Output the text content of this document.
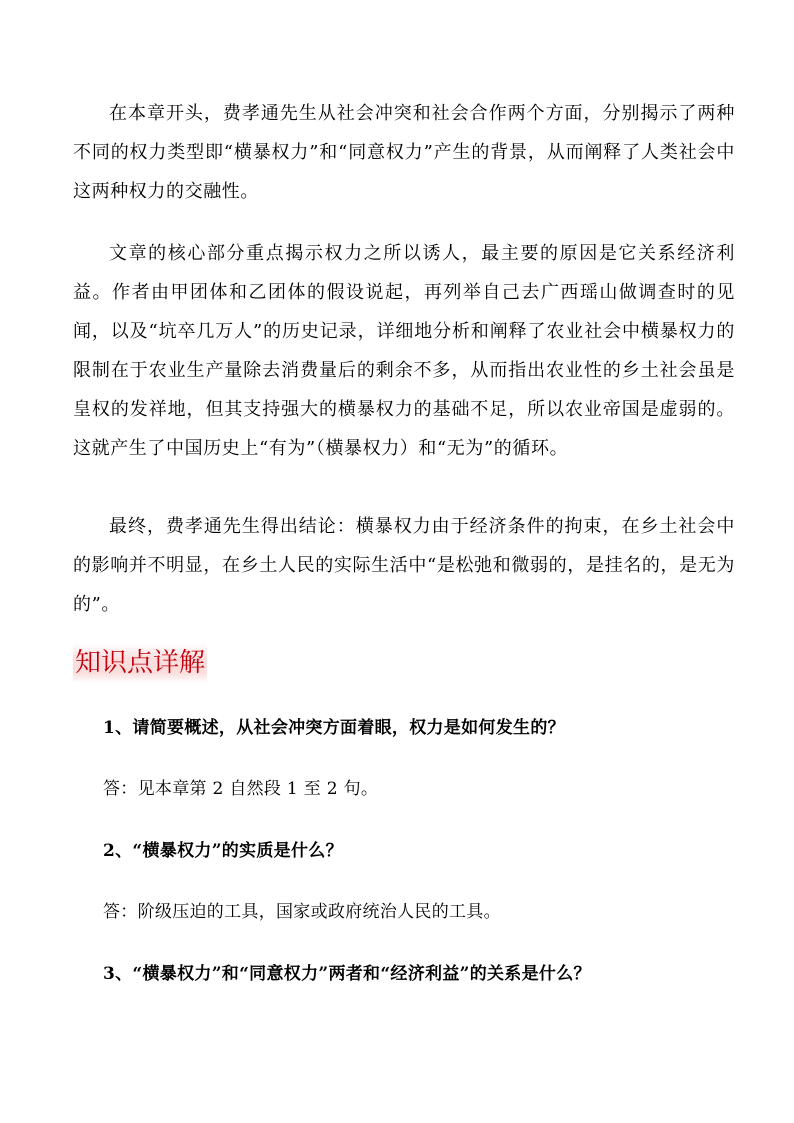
在本章开头，费孝通先生从社会冲突和社会合作两个方面，分别揭示了两种不同的权力类型即“横暴权力”和“同意权力”产生的背景，从而阐释了人类社会中这两种权力的交融性。

文章的核心部分重点揭示权力之所以诱人，最主要的原因是它关系经济利益。作者由甲团体和乙团体的假设说起，再列举自己去广西瑶山做调查时的见闻，以及“坑卒几万人”的历史记录，详细地分析和阐释了农业社会中横暴权力的限制在于农业生产量除去消费量后的剩余不多，从而指出农业性的乡土社会虽是皇权的发祥地，但其支持强大的横暴权力的基础不足，所以农业帝国是虚弱的。这就产生了中国历史上“有为”（横暴权力）和“无为”的循环。

最终，费孝通先生得出结论：横暴权力由于经济条件的拘束，在乡土社会中的影响并不明显，在乡土人民的实际生活中“是松弛和微弱的，是挂名的，是无为的”。

知识点详解

1、请简要概述，从社会冲突方面着眼，权力是如何发生的？

答：见本章第 2 自然段 1 至 2 句。

2、“横暴权力”的实质是什么？

答：阶级压迫的工具，国家或政府统治人民的工具。

3、“横暴权力”和“同意权力”两者和“经济利益”的关系是什么？
